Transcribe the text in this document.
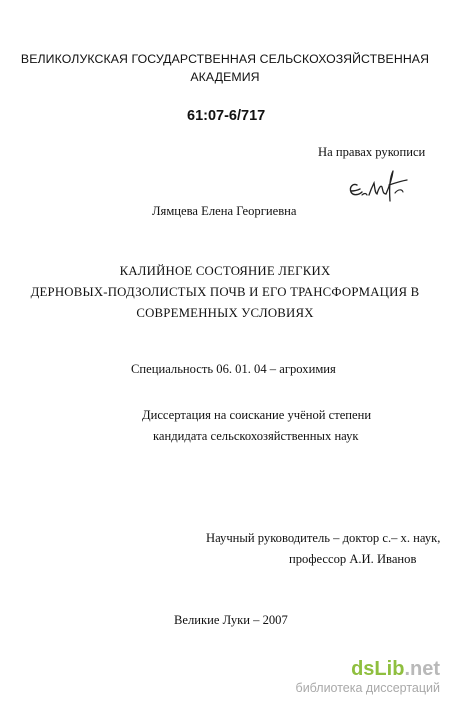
ВЕЛИКОЛУКСКАЯ ГОСУДАРСТВЕННАЯ СЕЛЬСКОХОЗЯЙСТВЕННАЯ
АКАДЕМИЯ
61:07-6/717
На правах рукописи
Лямцева Елена Георгиевна
КАЛИЙНОЕ СОСТОЯНИЕ ЛЕГКИХ
ДЕРНОВЫХ-ПОДЗОЛИСТЫХ ПОЧВ И ЕГО ТРАНСФОРМАЦИЯ В
СОВРЕМЕННЫХ УСЛОВИЯХ
Специальность 06. 01. 04 – агрохимия
Диссертация на соискание учёной степени
кандидата сельскохозяйственных наук
Научный руководитель – доктор с.– х. наук,
профессор А.И. Иванов
Великие Луки – 2007
dsLib.net
библиотека диссертаций
